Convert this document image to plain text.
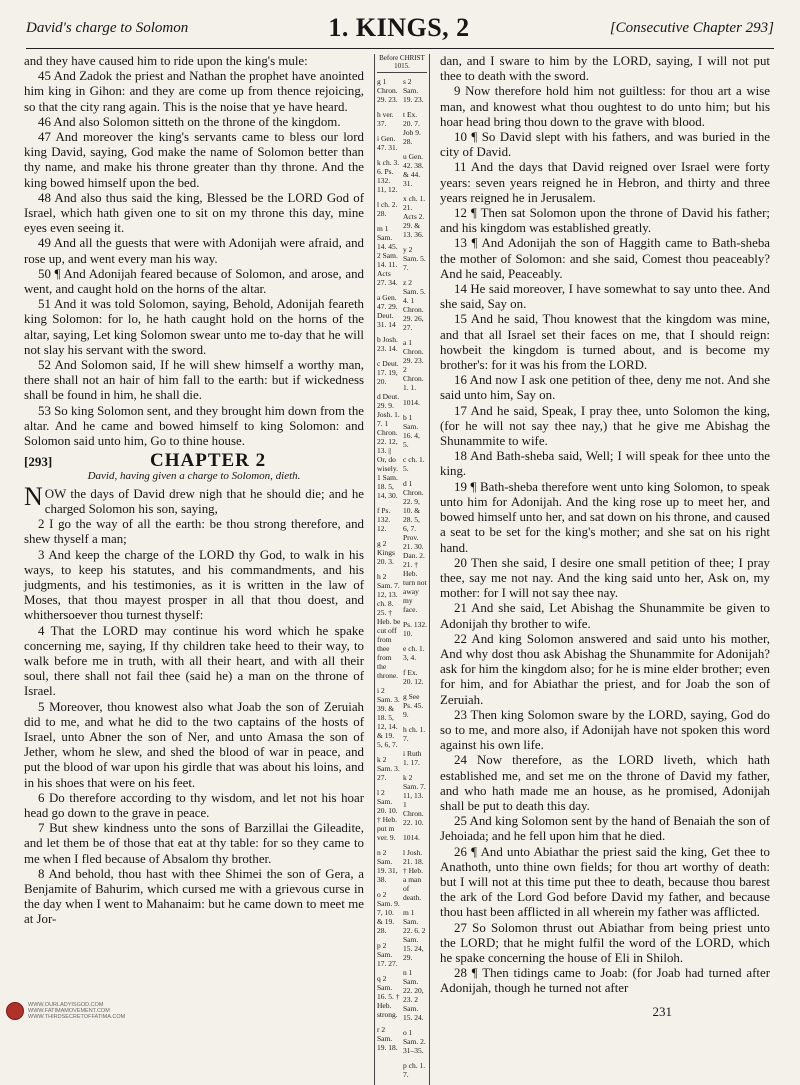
David's charge to Solomon	1. KINGS, 2	[Consecutive Chapter 293]

and they have caused him to ride upon the king's mule:

45 And Zadok the priest and Nathan the prophet have anointed him king in Gihon: and they are come up from thence rejoicing, so that the city rang again. This is the noise that ye have heard.

46 And also Solomon sitteth on the throne of the kingdom.

47 And moreover the king's servants came to bless our lord king David, saying, God make the name of Solomon better than thy name, and make his throne greater than thy throne. And the king bowed himself upon the bed.

48 And also thus said the king, Blessed be the LORD God of Israel, which hath given one to sit on my throne this day, mine eyes even seeing it.

49 And all the guests that were with Adonijah were afraid, and rose up, and went every man his way.

50 ¶ And Adonijah feared because of Solomon, and arose, and went, and caught hold on the horns of the altar.

51 And it was told Solomon, saying, Behold, Adonijah feareth king Solomon: for lo, he hath caught hold on the horns of the altar, saying, Let king Solomon swear unto me to-day that he will not slay his servant with the sword.

52 And Solomon said, If he will shew himself a worthy man, there shall not an hair of him fall to the earth: but if wickedness shall be found in him, he shall die.

53 So king Solomon sent, and they brought him down from the altar. And he came and bowed himself to king Solomon: and Solomon said unto him, Go to thine house.

[293]	CHAPTER 2
David, having given a charge to Solomon, dieth.

NOW the days of David drew nigh that he should die; and he charged Solomon his son, saying,

2 I go the way of all the earth: be thou strong therefore, and shew thyself a man;

3 And keep the charge of the LORD thy God, to walk in his ways, to keep his statutes, and his commandments, and his judgments, and his testimonies, as it is written in the law of Moses, that thou mayest prosper in all that thou doest, and whithersoever thou turnest thyself:

4 That the LORD may continue his word which he spake concerning me, saying, If thy children take heed to their way, to walk before me in truth, with all their heart, and with all their soul, there shall not fail thee (said he) a man on the throne of Israel.

5 Moreover, thou knowest also what Joab the son of Zeruiah did to me, and what he did to the two captains of the hosts of Israel, unto Abner the son of Ner, and unto Amasa the son of Jether, whom he slew, and shed the blood of war in peace, and put the blood of war upon his girdle that was about his loins, and in his shoes that were on his feet.

6 Do therefore according to thy wisdom, and let not his hoar head go down to the grave in peace.

7 But shew kindness unto the sons of Barzillai the Gileadite, and let them be of those that eat at thy table: for so they came to me when I fled because of Absalom thy brother.

8 And behold, thou hast with thee Shimei the son of Gera, a Benjamite of Bahurim, which cursed me with a grievous curse in the day when I went to Mahanaim: but he came down to meet me at Jor-

Before CHRIST 1015.
g 1 Chron. 29. 23.
h ver. 37.
i Gen. 47. 31.
k ch. 3. 6. Ps. 132. 11, 12.
l ch. 2. 28.
m 1 Sam. 14. 45. 2 Sam. 14. 11. Acts 27. 34.
a Gen. 47. 29. Deut. 31. 14
b Josh. 23. 14.
c Deut. 17. 19, 20.
d Deut. 29. 9. Josh. 1. 7. 1 Chron. 22. 12, 13. || Or, do wisely. 1 Sam. 18. 5, 14, 30.
f Ps. 132. 12.
g 2 Kings 20. 3.
h 2 Sam. 7. 12, 13. ch. 8. 25. † Heb. be cut off from thee from the throne.
i 2 Sam. 3. 39. & 18. 5, 12, 14. & 19. 5, 6, 7.
k 2 Sam. 3. 27.
l 2 Sam. 20. 10. † Heb. put m ver. 9.
n 2 Sam. 19. 31, 38.
o 2 Sam. 9. 7, 10. & 19. 28.
p 2 Sam. 17. 27.
q 2 Sam. 16. 5. † Heb. strong.
r 2 Sam. 19. 18.
s 2 Sam. 19. 23.
t Ex. 20. 7. Job 9. 28.
u Gen. 42. 38. & 44. 31.
x ch. 1. 21. Acts 2. 29. & 13. 36.
y 2 Sam. 5. 7.
z 2 Sam. 5. 4. 1 Chron. 29. 26, 27.
a 1 Chron. 29. 23. 2 Chron. 1. 1.
1014.
b 1 Sam. 16. 4, 5.
c ch. 1. 5.
d 1 Chron. 22. 9, 10. & 28. 5, 6, 7. Prov. 21. 30. Dan. 2. 21. † Heb. turn not away my face.
Ps. 132. 10.
e ch. 1. 3, 4.
f Ex. 20. 12.
g See Ps. 45. 9.
h ch. 1. 7.
i Ruth 1. 17.
k 2 Sam. 7. 11, 13. 1 Chron. 22. 10.
1014.
l Josh. 21. 18. † Heb. a man of death.
m 1 Sam. 22. 6. 2 Sam. 15. 24, 29.
n 1 Sam. 22. 20, 23. 2 Sam. 15. 24.
o 1 Sam. 2. 31–35.
p ch. 1. 7.

dan, and I sware to him by the LORD, saying, I will not put thee to death with the sword.

9 Now therefore hold him not guiltless: for thou art a wise man, and knowest what thou oughtest to do unto him; but his hoar head bring thou down to the grave with blood.

10 ¶ So David slept with his fathers, and was buried in the city of David.

11 And the days that David reigned over Israel were forty years: seven years reigned he in Hebron, and thirty and three years reigned he in Jerusalem.

12 ¶ Then sat Solomon upon the throne of David his father; and his kingdom was established greatly.

13 ¶ And Adonijah the son of Haggith came to Bath-sheba the mother of Solomon: and she said, Comest thou peaceably? And he said, Peaceably.

14 He said moreover, I have somewhat to say unto thee. And she said, Say on.

15 And he said, Thou knowest that the kingdom was mine, and that all Israel set their faces on me, that I should reign: howbeit the kingdom is turned about, and is become my brother's: for it was his from the LORD.

16 And now I ask one petition of thee, deny me not. And she said unto him, Say on.

17 And he said, Speak, I pray thee, unto Solomon the king, (for he will not say thee nay,) that he give me Abishag the Shunammite to wife.

18 And Bath-sheba said, Well; I will speak for thee unto the king.

19 ¶ Bath-sheba therefore went unto king Solomon, to speak unto him for Adonijah. And the king rose up to meet her, and bowed himself unto her, and sat down on his throne, and caused a seat to be set for the king's mother; and she sat on his right hand.

20 Then she said, I desire one small petition of thee; I pray thee, say me not nay. And the king said unto her, Ask on, my mother: for I will not say thee nay.

21 And she said, Let Abishag the Shunammite be given to Adonijah thy brother to wife.

22 And king Solomon answered and said unto his mother, And why dost thou ask Abishag the Shunammite for Adonijah? ask for him the kingdom also; for he is mine elder brother; even for him, and for Abiathar the priest, and for Joab the son of Zeruiah.

23 Then king Solomon sware by the LORD, saying, God do so to me, and more also, if Adonijah have not spoken this word against his own life.

24 Now therefore, as the LORD liveth, which hath established me, and set me on the throne of David my father, and who hath made me an house, as he promised, Adonijah shall be put to death this day.

25 And king Solomon sent by the hand of Benaiah the son of Jehoiada; and he fell upon him that he died.

26 ¶ And unto Abiathar the priest said the king, Get thee to Anathoth, unto thine own fields; for thou art worthy of death: but I will not at this time put thee to death, because thou barest the ark of the Lord God before David my father, and because thou hast been afflicted in all wherein my father was afflicted.

27 So Solomon thrust out Abiathar from being priest unto the LORD; that he might fulfil the word of the LORD, which he spake concerning the house of Eli in Shiloh.

28 ¶ Then tidings came to Joab: (for Joab had turned after Adonijah, though he turned not after

231
WWW.OURLADYISGOD.COM
WWW.FATIMAMOVEMENT.COM
WWW.THIRDSECRETOFFATIMA.COM
